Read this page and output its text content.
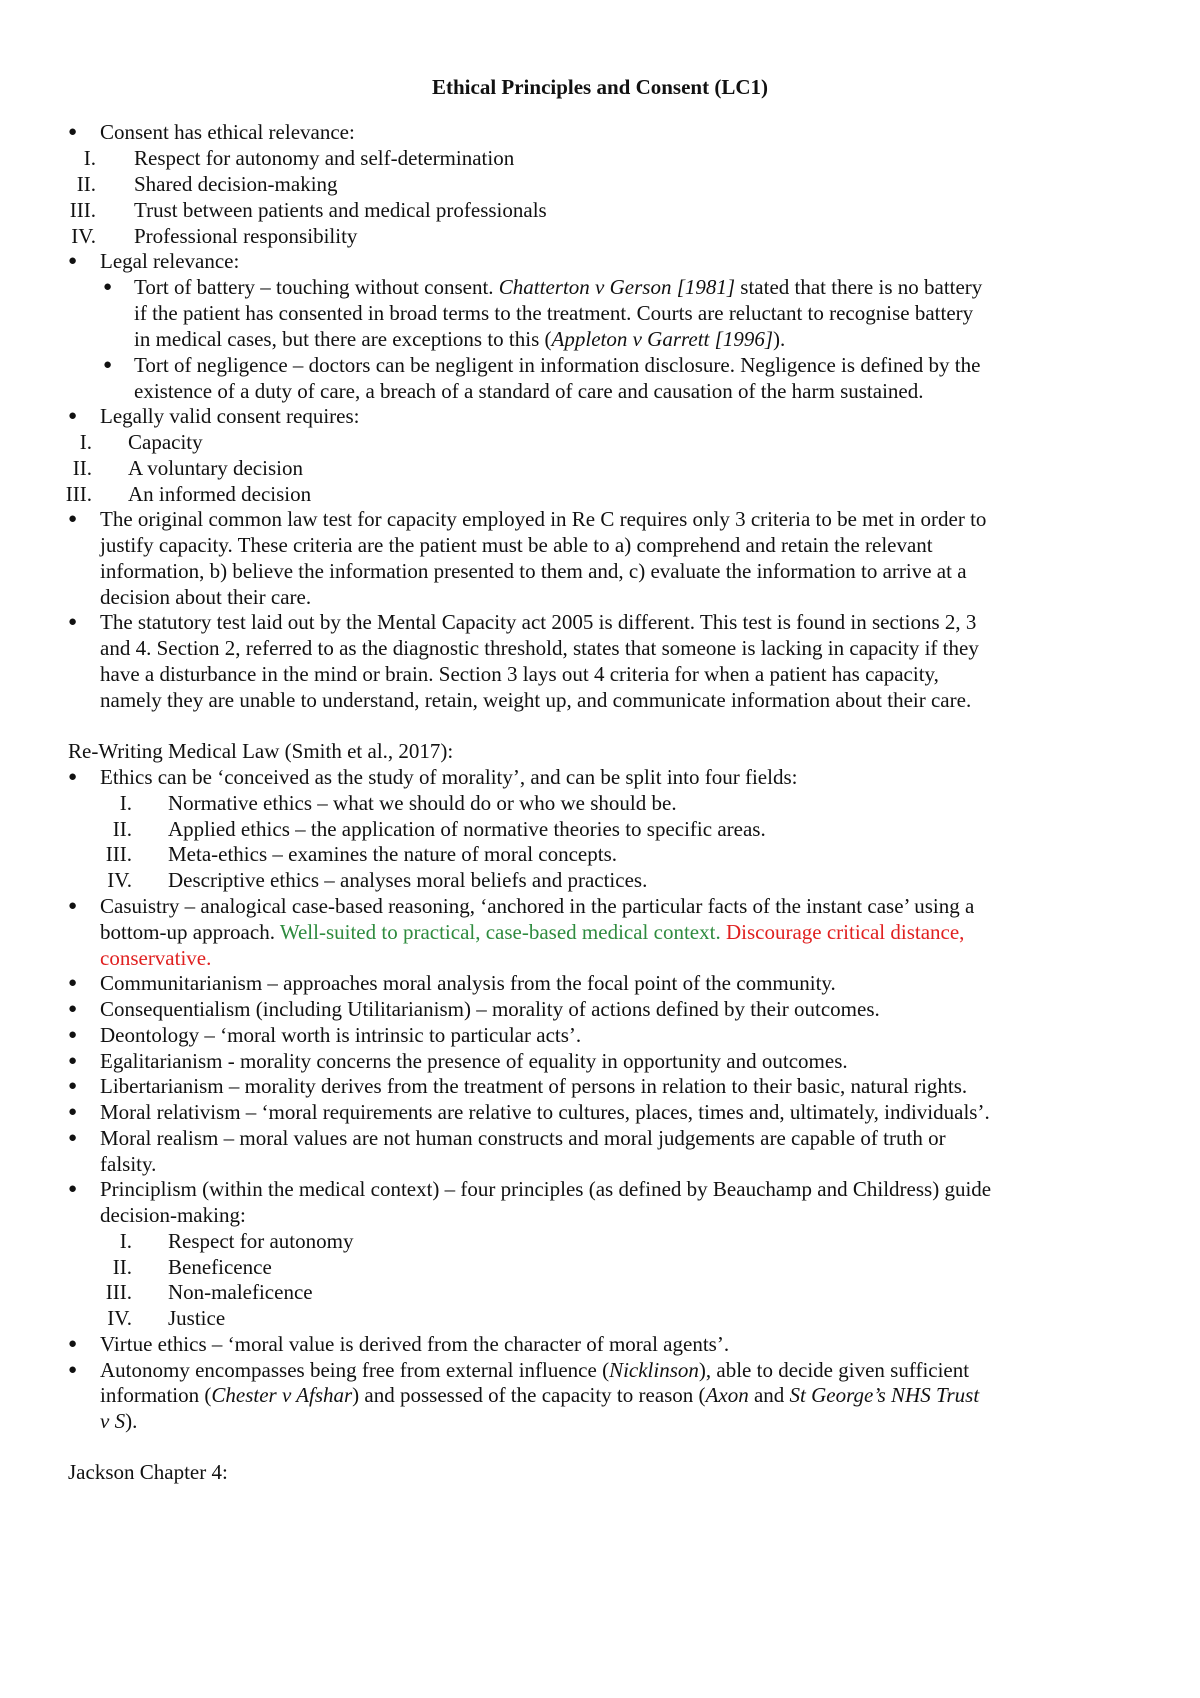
Ethical Principles and Consent (LC1)
● Consent has ethical relevance:
I. Respect for autonomy and self-determination
II. Shared decision-making
III. Trust between patients and medical professionals
IV. Professional responsibility
● Legal relevance:
● Tort of battery – touching without consent. Chatterton v Gerson [1981] stated that there is no battery
if the patient has consented in broad terms to the treatment. Courts are reluctant to recognise battery
in medical cases, but there are exceptions to this (Appleton v Garrett [1996]).
● Tort of negligence – doctors can be negligent in information disclosure. Negligence is defined by the
existence of a duty of care, a breach of a standard of care and causation of the harm sustained.
● Legally valid consent requires:
I. Capacity
II. A voluntary decision
III. An informed decision
● The original common law test for capacity employed in Re C requires only 3 criteria to be met in order to
justify capacity. These criteria are the patient must be able to a) comprehend and retain the relevant
information, b) believe the information presented to them and, c) evaluate the information to arrive at a
decision about their care.
● The statutory test laid out by the Mental Capacity act 2005 is different. This test is found in sections 2, 3
and 4. Section 2, referred to as the diagnostic threshold, states that someone is lacking in capacity if they
have a disturbance in the mind or brain. Section 3 lays out 4 criteria for when a patient has capacity,
namely they are unable to understand, retain, weight up, and communicate information about their care.
Re-Writing Medical Law (Smith et al., 2017):
● Ethics can be ‘conceived as the study of morality’, and can be split into four fields:
I. Normative ethics – what we should do or who we should be.
II. Applied ethics – the application of normative theories to specific areas.
III. Meta-ethics – examines the nature of moral concepts.
IV. Descriptive ethics – analyses moral beliefs and practices.
● Casuistry – analogical case-based reasoning, ‘anchored in the particular facts of the instant case’ using a
bottom-up approach. Well-suited to practical, case-based medical context. Discourage critical distance,
conservative.
● Communitarianism – approaches moral analysis from the focal point of the community.
● Consequentialism (including Utilitarianism) – morality of actions defined by their outcomes.
● Deontology – ‘moral worth is intrinsic to particular acts’.
● Egalitarianism - morality concerns the presence of equality in opportunity and outcomes.
● Libertarianism – morality derives from the treatment of persons in relation to their basic, natural rights.
● Moral relativism – ‘moral requirements are relative to cultures, places, times and, ultimately, individuals’.
● Moral realism – moral values are not human constructs and moral judgements are capable of truth or
falsity.
● Principlism (within the medical context) – four principles (as defined by Beauchamp and Childress) guide
decision-making:
I. Respect for autonomy
II. Beneficence
III. Non-maleficence
IV. Justice
● Virtue ethics – ‘moral value is derived from the character of moral agents’.
● Autonomy encompasses being free from external influence (Nicklinson), able to decide given sufficient
information (Chester v Afshar) and possessed of the capacity to reason (Axon and St George’s NHS Trust
v S).
Jackson Chapter 4:
